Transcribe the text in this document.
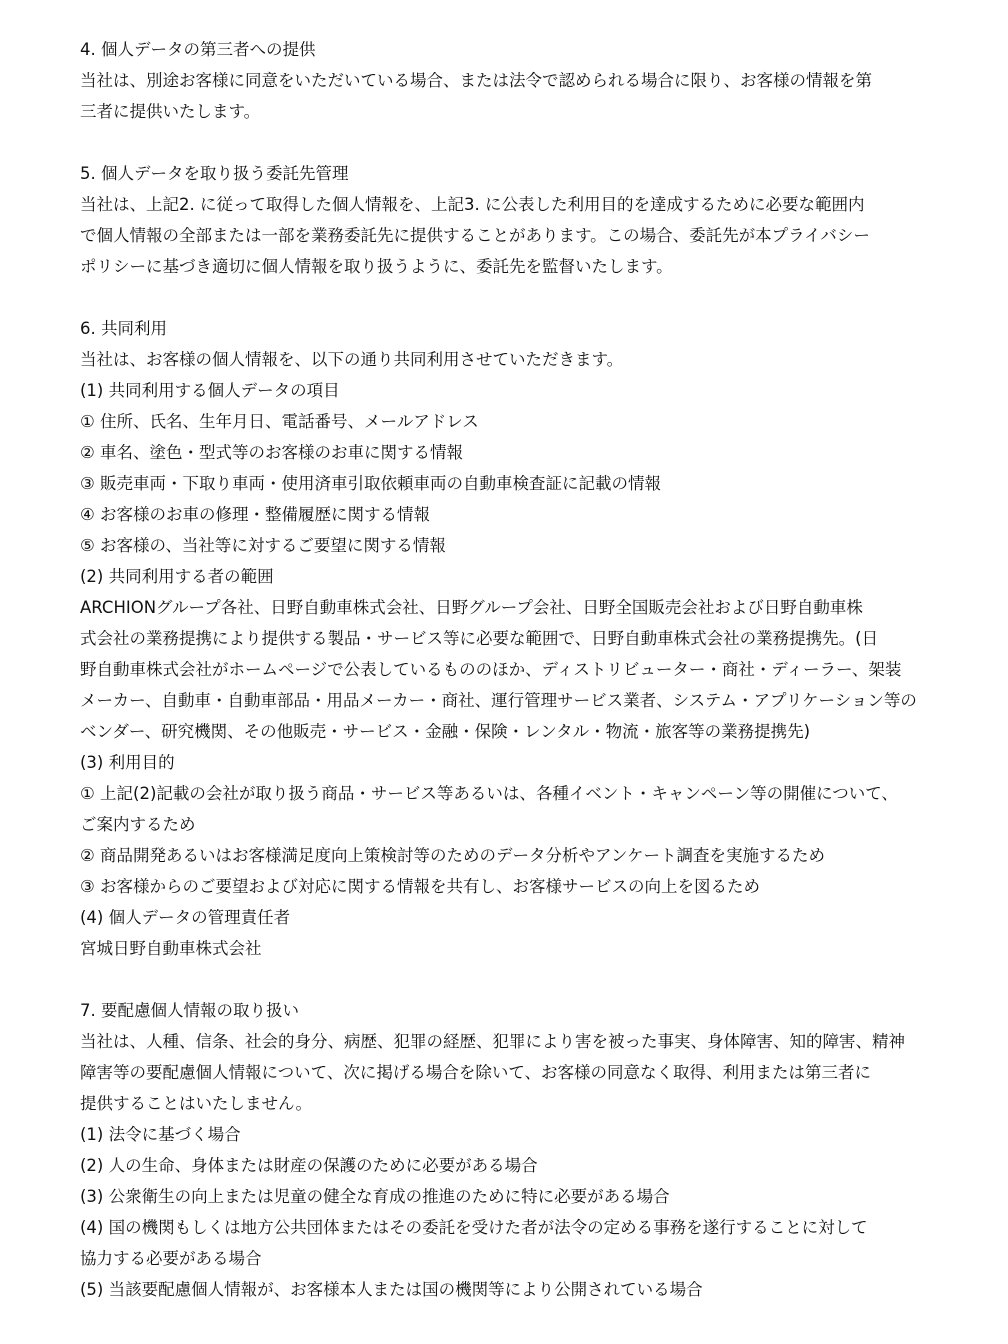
4. 個人データの第三者への提供
当社は、別途お客様に同意をいただいている場合、または法令で認められる場合に限り、お客様の情報を第
三者に提供いたします。
5. 個人データを取り扱う委託先管理
当社は、上記2. に従って取得した個人情報を、上記3. に公表した利用目的を達成するために必要な範囲内
で個人情報の全部または一部を業務委託先に提供することがあります。この場合、委託先が本プライバシー
ポリシーに基づき適切に個人情報を取り扱うように、委託先を監督いたします。
6. 共同利用
当社は、お客様の個人情報を、以下の通り共同利用させていただきます。
(1) 共同利用する個人データの項目
① 住所、氏名、生年月日、電話番号、メールアドレス
② 車名、塗色・型式等のお客様のお車に関する情報
③ 販売車両・下取り車両・使用済車引取依頼車両の自動車検査証に記載の情報
④ お客様のお車の修理・整備履歴に関する情報
⑤ お客様の、当社等に対するご要望に関する情報
(2) 共同利用する者の範囲
ARCHIONグループ各社、日野自動車株式会社、日野グループ会社、日野全国販売会社および日野自動車株
式会社の業務提携により提供する製品・サービス等に必要な範囲で、日野自動車株式会社の業務提携先。(日
野自動車株式会社がホームページで公表しているもののほか、ディストリビューター・商社・ディーラー、架装
メーカー、自動車・自動車部品・用品メーカー・商社、運行管理サービス業者、システム・アプリケーション等の
ベンダー、研究機関、その他販売・サービス・金融・保険・レンタル・物流・旅客等の業務提携先)
(3) 利用目的
① 上記(2)記載の会社が取り扱う商品・サービス等あるいは、各種イベント・キャンペーン等の開催について、
ご案内するため
② 商品開発あるいはお客様満足度向上策検討等のためのデータ分析やアンケート調査を実施するため
③ お客様からのご要望および対応に関する情報を共有し、お客様サービスの向上を図るため
(4) 個人データの管理責任者
宮城日野自動車株式会社
7. 要配慮個人情報の取り扱い
当社は、人種、信条、社会的身分、病歴、犯罪の経歴、犯罪により害を被った事実、身体障害、知的障害、精神
障害等の要配慮個人情報について、次に掲げる場合を除いて、お客様の同意なく取得、利用または第三者に
提供することはいたしません。
(1) 法令に基づく場合
(2) 人の生命、身体または財産の保護のために必要がある場合
(3) 公衆衛生の向上または児童の健全な育成の推進のために特に必要がある場合
(4) 国の機関もしくは地方公共団体またはその委託を受けた者が法令の定める事務を遂行することに対して
協力する必要がある場合
(5) 当該要配慮個人情報が、お客様本人または国の機関等により公開されている場合
